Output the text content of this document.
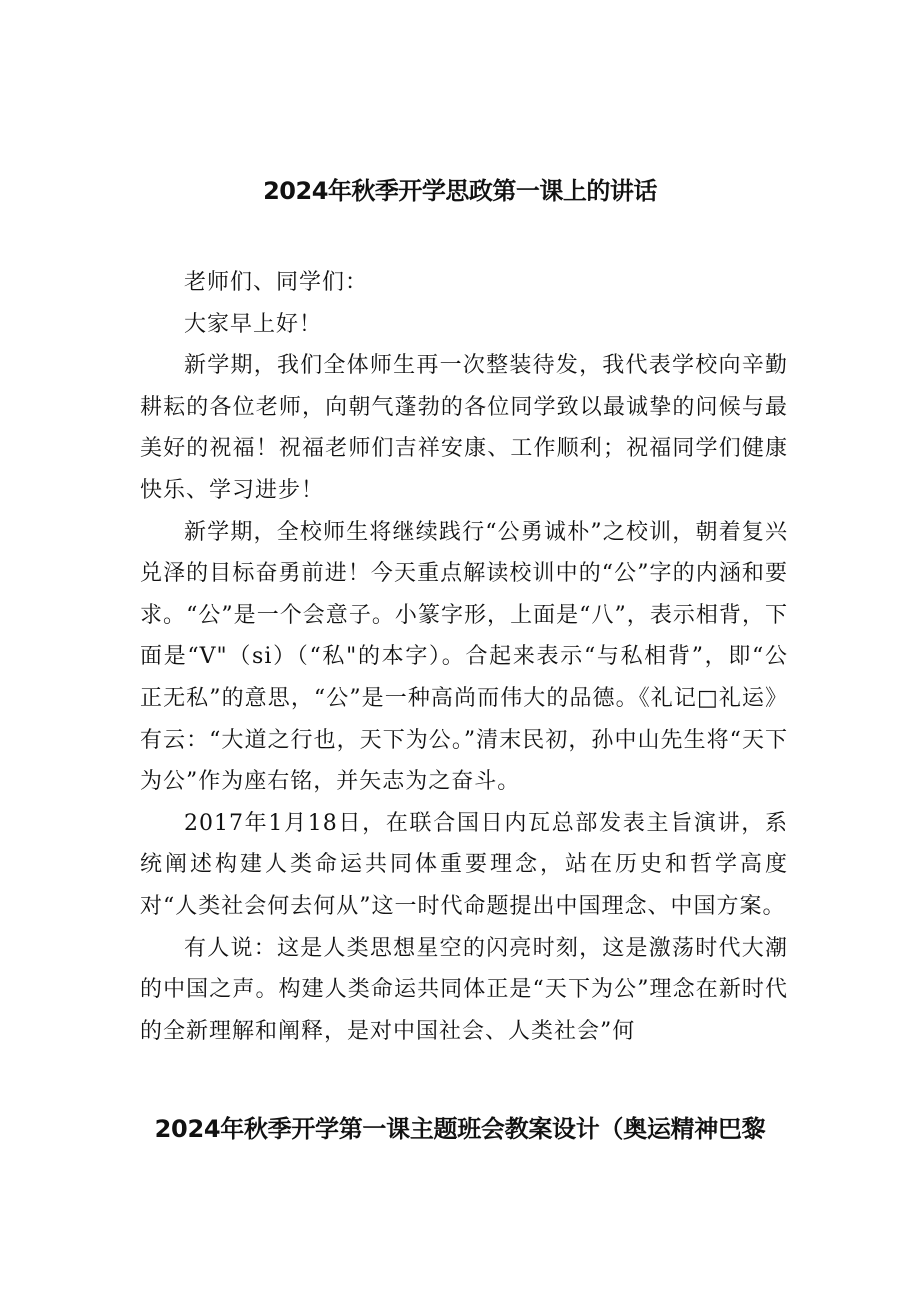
2024年秋季开学思政第一课上的讲话

老师们、同学们：

大家早上好！

新学期，我们全体师生再一次整装待发，我代表学校向辛勤耕耘的各位老师，向朝气蓬勃的各位同学致以最诚挚的问候与最美好的祝福！祝福老师们吉祥安康、工作顺利；祝福同学们健康快乐、学习进步！

新学期，全校师生将继续践行“公勇诚朴”之校训，朝着复兴兑泽的目标奋勇前进！今天重点解读校训中的“公”字的内涵和要求。“公”是一个会意子。小篆字形，上面是“八”，表示相背，下面是“V"（si）（“私"的本字）。合起来表示“与私相背”，即“公正无私”的意思，“公”是一种高尚而伟大的品德。《礼记□礼运》有云：“大道之行也，天下为公。”清末民初，孙中山先生将“天下为公”作为座右铭，并矢志为之奋斗。

2017年1月18日，在联合国日内瓦总部发表主旨演讲，系统阐述构建人类命运共同体重要理念，站在历史和哲学高度对“人类社会何去何从”这一时代命题提出中国理念、中国方案。

有人说：这是人类思想星空的闪亮时刻，这是激荡时代大潮的中国之声。构建人类命运共同体正是“天下为公”理念在新时代的全新理解和阐释，是对中国社会、人类社会”何

2024年秋季开学第一课主题班会教案设计（奥运精神巴黎
